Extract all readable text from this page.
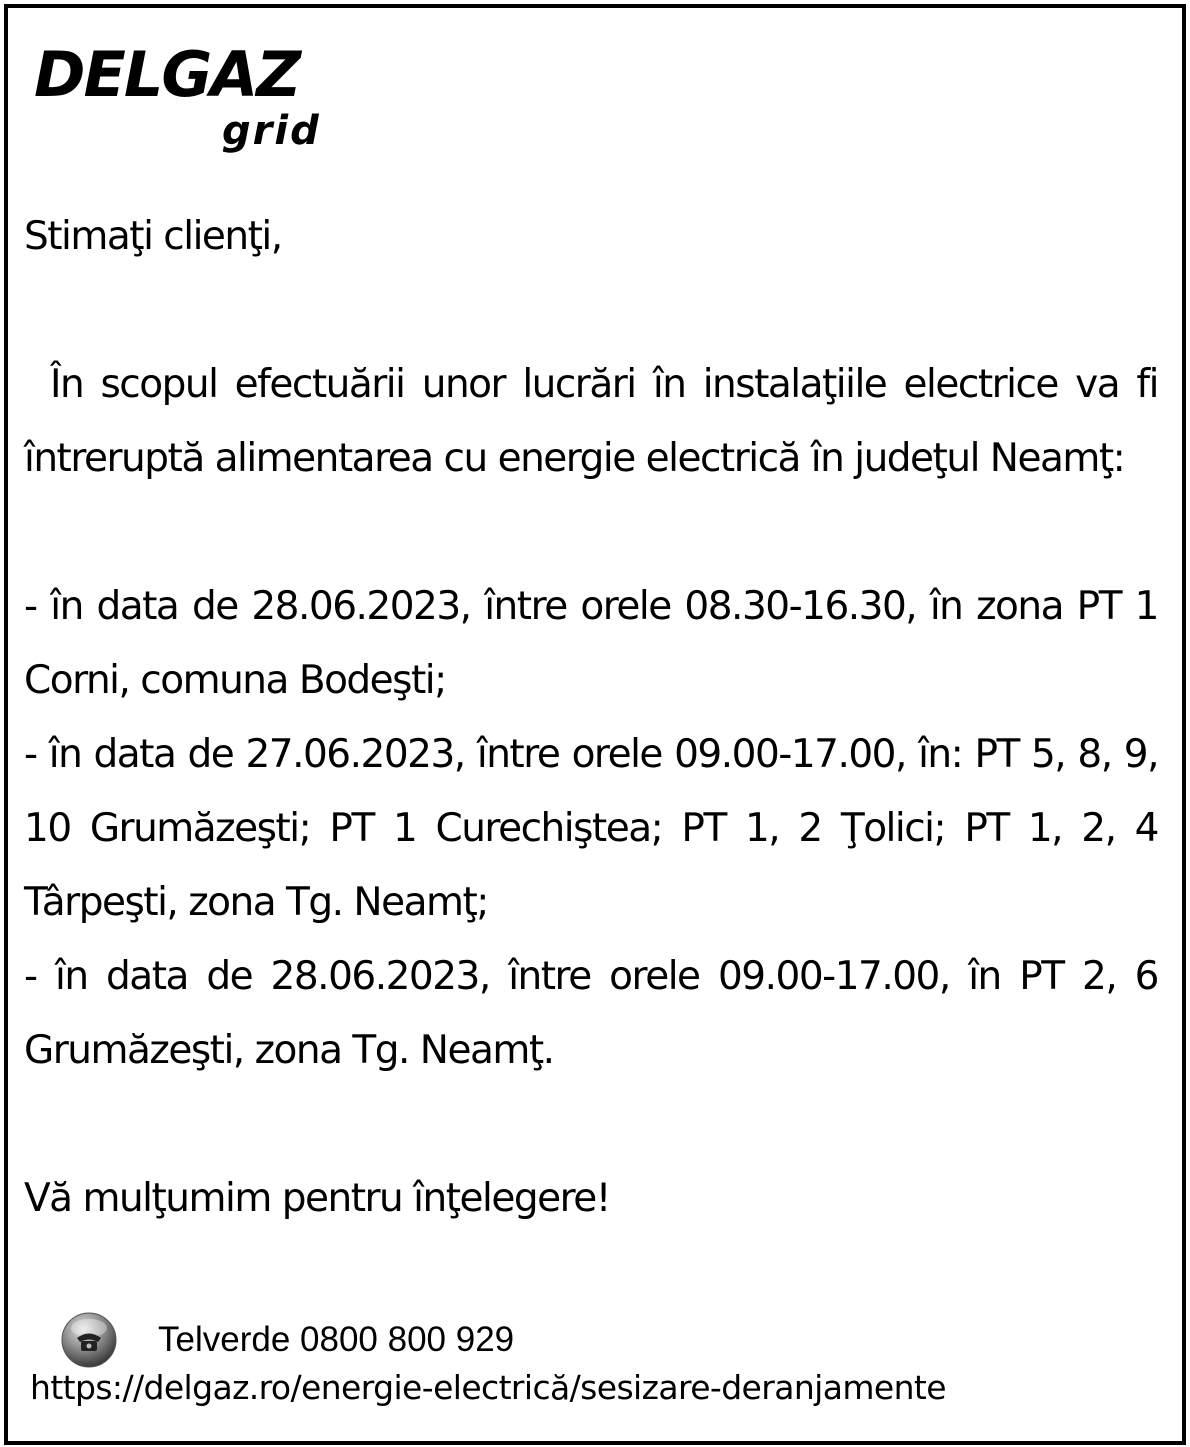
DELGAZ
grid

Stimaţi clienţi,

În scopul efectuării unor lucrări în instalaţiile electrice va fi întreruptă alimentarea cu energie electrică în judeţul Neamţ:

- în data de 28.06.2023, între orele 08.30-16.30, în zona PT 1 Corni, comuna Bodeşti;

- în data de 27.06.2023, între orele 09.00-17.00, în: PT 5, 8, 9, 10 Grumăzeşti; PT 1 Curechiştea; PT 1, 2 Ţolici; PT 1, 2, 4 Târpeşti, zona Tg. Neamţ;

- în data de 28.06.2023, între orele 09.00-17.00, în PT 2, 6 Grumăzeşti, zona Tg. Neamţ.

Vă mulţumim pentru înţelegere!

Telverde 0800 800 929
https://delgaz.ro/energie-electrică/sesizare-deranjamente
